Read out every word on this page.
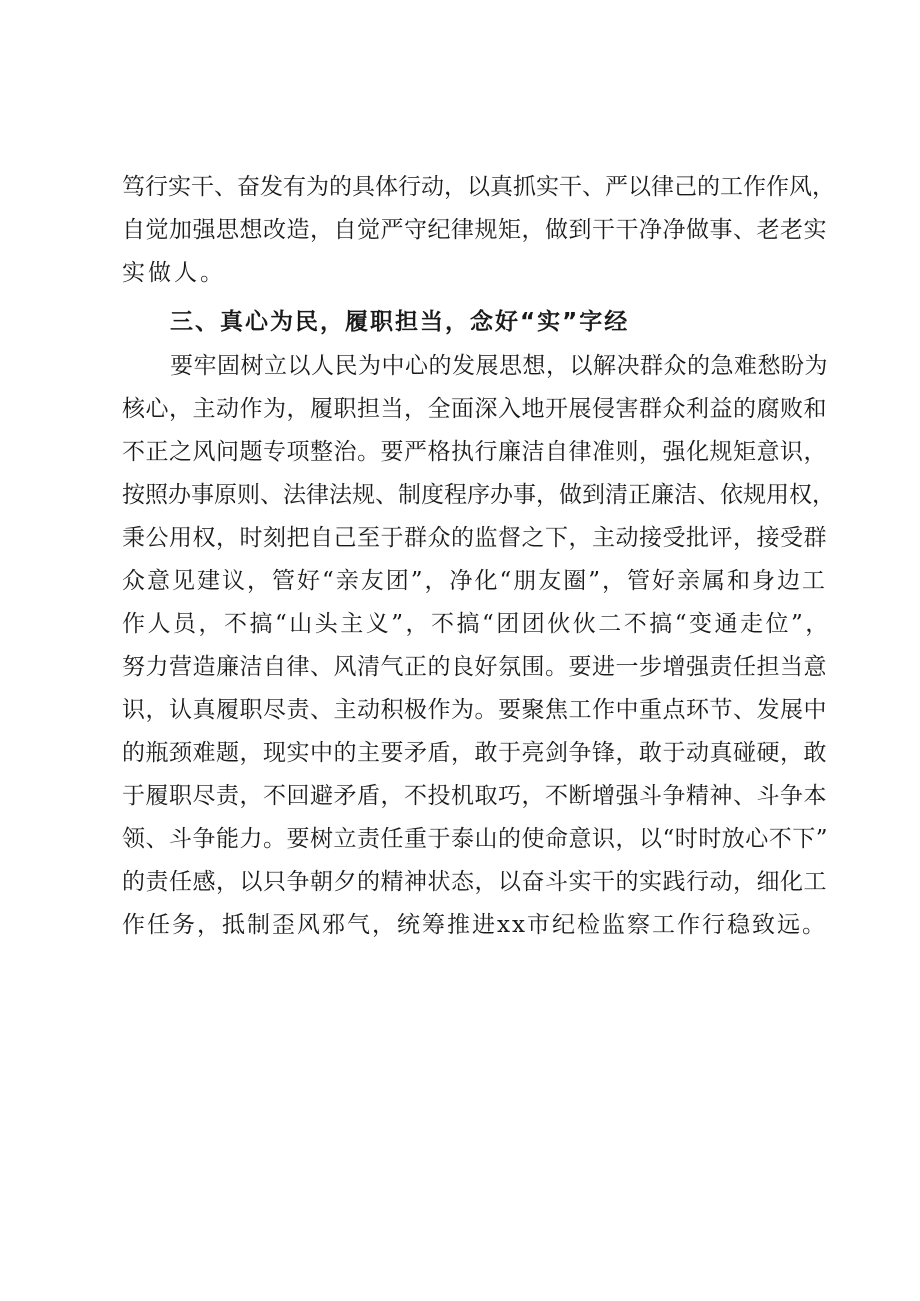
笃行实干、奋发有为的具体行动，以真抓实干、严以律己的工作作风，
自觉加强思想改造，自觉严守纪律规矩，做到干干净净做事、老老实
实做人。
三、真心为民，履职担当，念好“实”字经
要牢固树立以人民为中心的发展思想，以解决群众的急难愁盼为
核心，主动作为，履职担当，全面深入地开展侵害群众利益的腐败和
不正之风问题专项整治。要严格执行廉洁自律准则，强化规矩意识，
按照办事原则、法律法规、制度程序办事，做到清正廉洁、依规用权，
秉公用权，时刻把自己至于群众的监督之下，主动接受批评，接受群
众意见建议，管好“亲友团”，净化“朋友圈”，管好亲属和身边工
作人员，不搞“山头主义”，不搞“团团伙伙二不搞“变通走位”，
努力营造廉洁自律、风清气正的良好氛围。要进一步增强责任担当意
识，认真履职尽责、主动积极作为。要聚焦工作中重点环节、发展中
的瓶颈难题，现实中的主要矛盾，敢于亮剑争锋，敢于动真碰硬，敢
于履职尽责，不回避矛盾，不投机取巧，不断增强斗争精神、斗争本
领、斗争能力。要树立责任重于泰山的使命意识，以“时时放心不下”
的责任感，以只争朝夕的精神状态，以奋斗实干的实践行动，细化工
作任务，抵制歪风邪气，统筹推进xx市纪检监察工作行稳致远。
